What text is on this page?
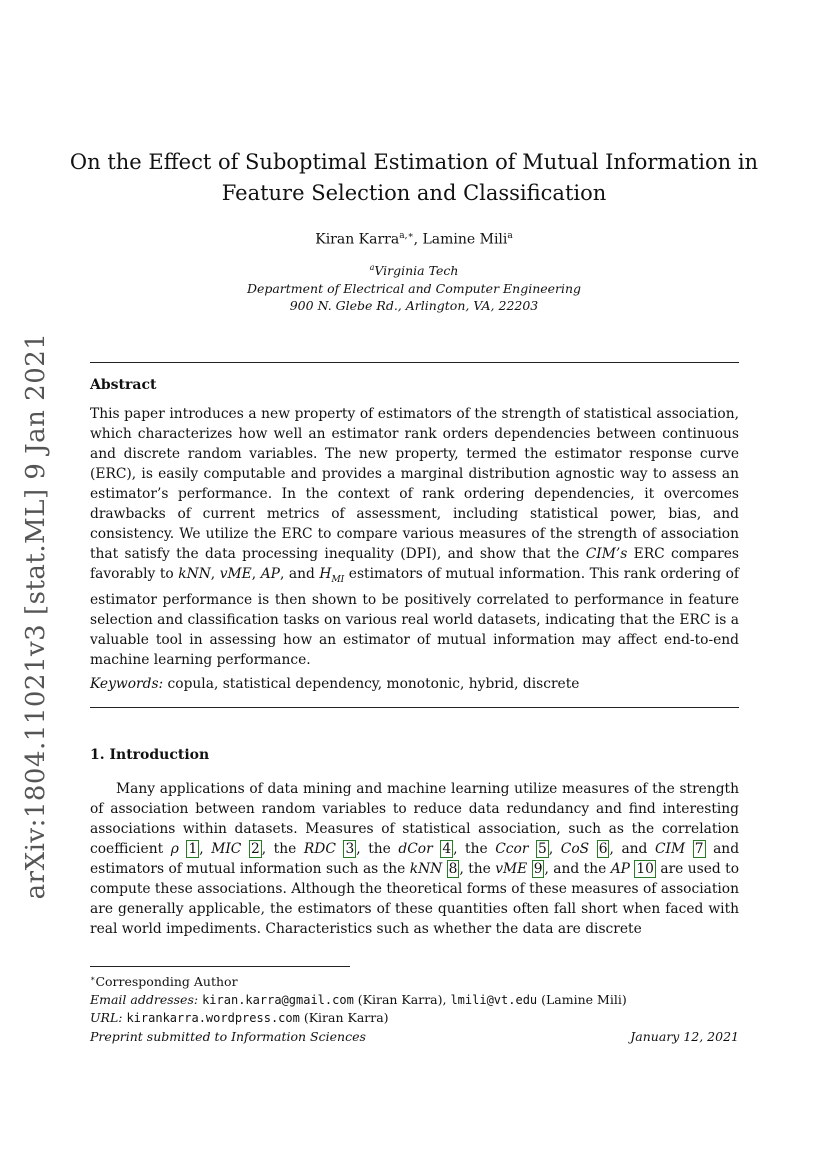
arXiv:1804.11021v3 [stat.ML] 9 Jan 2021
On the Effect of Suboptimal Estimation of Mutual Information in Feature Selection and Classification
Kiran Karra$^{a,∗}$, Lamine Mili$^a$
$^a$Virginia Tech
Department of Electrical and Computer Engineering
900 N. Glebe Rd., Arlington, VA, 22203
Abstract
This paper introduces a new property of estimators of the strength of statistical association, which characterizes how well an estimator rank orders dependencies between continuous and discrete random variables. The new property, termed the estimator response curve (ERC), is easily computable and provides a marginal distribution agnostic way to assess an estimator’s performance. In the context of rank ordering dependencies, it overcomes drawbacks of current metrics of assessment, including statistical power, bias, and consistency. We utilize the ERC to compare various measures of the strength of association that satisfy the data processing inequality (DPI), and show that the CIM’s ERC compares favorably to kNN, vME, AP, and $H_{MI}$ estimators of mutual information. This rank ordering of estimator performance is then shown to be positively correlated to performance in feature selection and classification tasks on various real world datasets, indicating that the ERC is a valuable tool in assessing how an estimator of mutual information may affect end-to-end machine learning performance.
Keywords: copula, statistical dependency, monotonic, hybrid, discrete
1. Introduction
Many applications of data mining and machine learning utilize measures of the strength of association between random variables to reduce data redundancy and find interesting associations within datasets. Measures of statistical association, such as the correlation coefficient ρ 1 , MIC 2 , the RDC 3 , the dCor 4 , the Ccor 5 , CoS 6 , and CIM 7 and estimators of mutual information such as the kNN 8 , the vME 9 , and the AP 10 are used to compute these associations. Although the theoretical forms of these measures of association are generally applicable, the estimators of these quantities often fall short when faced with real world impediments. Characteristics such as whether the data are discrete
∗Corresponding Author
Email addresses: kiran.karra@gmail.com (Kiran Karra), lmili@vt.edu (Lamine Mili)
URL: kirankarra.wordpress.com (Kiran Karra)
Preprint submitted to Information Sciences	January 12, 2021
